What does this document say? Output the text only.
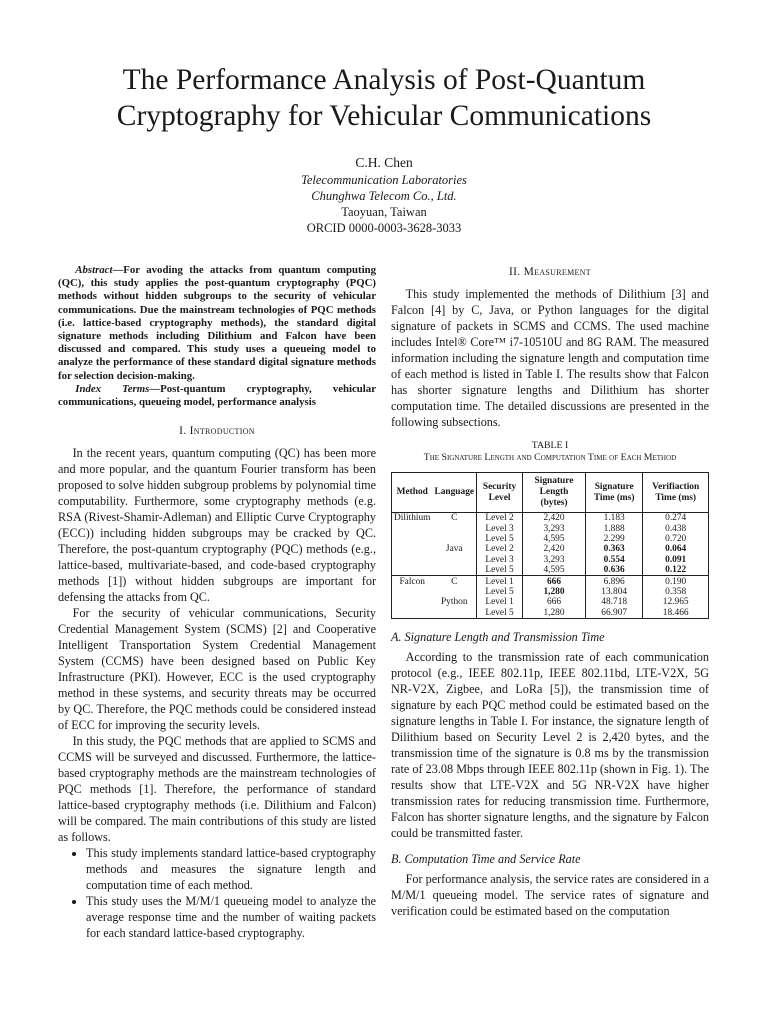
The Performance Analysis of Post-Quantum
Cryptography for Vehicular Communications
C.H. Chen
Telecommunication Laboratories
Chunghwa Telecom Co., Ltd.
Taoyuan, Taiwan
ORCID 0000-0003-3628-3033

Abstract—For avoding the attacks from quantum computing (QC), this study applies the post-quantum cryptography (PQC) methods without hidden subgroups to the security of vehicular communications. Due the mainstream technologies of PQC methods (i.e. lattice-based cryptography methods), the standard digital signature methods including Dilithium and Falcon have been discussed and compared. This study uses a queueing model to analyze the performance of these standard digital signature methods for selection decision-making.

Index Terms—Post-quantum cryptography, vehicular communications, queueing model, performance analysis

I. Introduction

In the recent years, quantum computing (QC) has been more and more popular, and the quantum Fourier transform has been proposed to solve hidden subgroup problems by polynomial time computability. Furthermore, some cryptography methods (e.g. RSA (Rivest-Shamir-Adleman) and Elliptic Curve Cryptography (ECC)) including hidden subgroups may be cracked by QC. Therefore, the post-quantum cryptography (PQC) methods (e.g., lattice-based, multivariate-based, and code-based cryptography methods [1]) without hidden subgroups are important for defensing the attacks from QC.

For the security of vehicular communications, Security Credential Management System (SCMS) [2] and Cooperative Intelligent Transportation System Credential Management System (CCMS) have been designed based on Public Key Infrastructure (PKI). However, ECC is the used cryptography method in these systems, and security threats may be occurred by QC. Therefore, the PQC methods could be considered instead of ECC for improving the security levels.

In this study, the PQC methods that are applied to SCMS and CCMS will be surveyed and discussed. Furthermore, the lattice-based cryptography methods are the mainstream technologies of PQC methods [1]. Therefore, the performance of standard lattice-based cryptography methods (i.e. Dilithium and Falcon) will be compared. The main contributions of this study are listed as follows.

• This study implements standard lattice-based cryptography methods and measures the signature length and computation time of each method.
• This study uses the M/M/1 queueing model to analyze the average response time and the number of waiting packets for each standard lattice-based cryptography.
II. Measurement

This study implemented the methods of Dilithium [3] and Falcon [4] by C, Java, or Python languages for the digital signature of packets in SCMS and CCMS. The used machine includes Intel® Core™ i7-10510U and 8G RAM. The measured information including the signature length and computation time of each method is listed in Table I. The results show that Falcon has shorter signature lengths and Dilithium has shorter computation time. The detailed discussions are presented in the following subsections.

TABLE I
The Signature Length and Computation Time of Each Method
Method	Language	Security Level	Signature Length (bytes)	Signature Time (ms)	Verifiaction Time (ms)
Dilithium	C	Level 2	2,420	1.183	0.274
		Level 3	3,293	1.888	0.438
		Level 5	4,595	2.299	0.720
	Java	Level 2	2,420	0.363	0.064
		Level 3	3,293	0.554	0.091
		Level 5	4,595	0.636	0.122
Falcon	C	Level 1	666	6.896	0.190
		Level 5	1,280	13.804	0.358
	Python	Level 1	666	48.718	12.965
		Level 5	1,280	66.907	18.466
A. Signature Length and Transmission Time

According to the transmission rate of each communication protocol (e.g., IEEE 802.11p, IEEE 802.11bd, LTE-V2X, 5G NR-V2X, Zigbee, and LoRa [5]), the transmission time of signature by each PQC method could be estimated based on the signature lengths in Table I. For instance, the signature length of Dilithium based on Security Level 2 is 2,420 bytes, and the transmission time of the signature is 0.8 ms by the transmission rate of 23.08 Mbps through IEEE 802.11p (shown in Fig. 1). The results show that LTE-V2X and 5G NR-V2X have higher transmission rates for reducing transmission time. Furthermore, Falcon has shorter signature lengths, and the signature by Falcon could be transmitted faster.

B. Computation Time and Service Rate

For performance analysis, the service rates are considered in a M/M/1 queueing model. The service rates of signature and verification could be estimated based on the computation
